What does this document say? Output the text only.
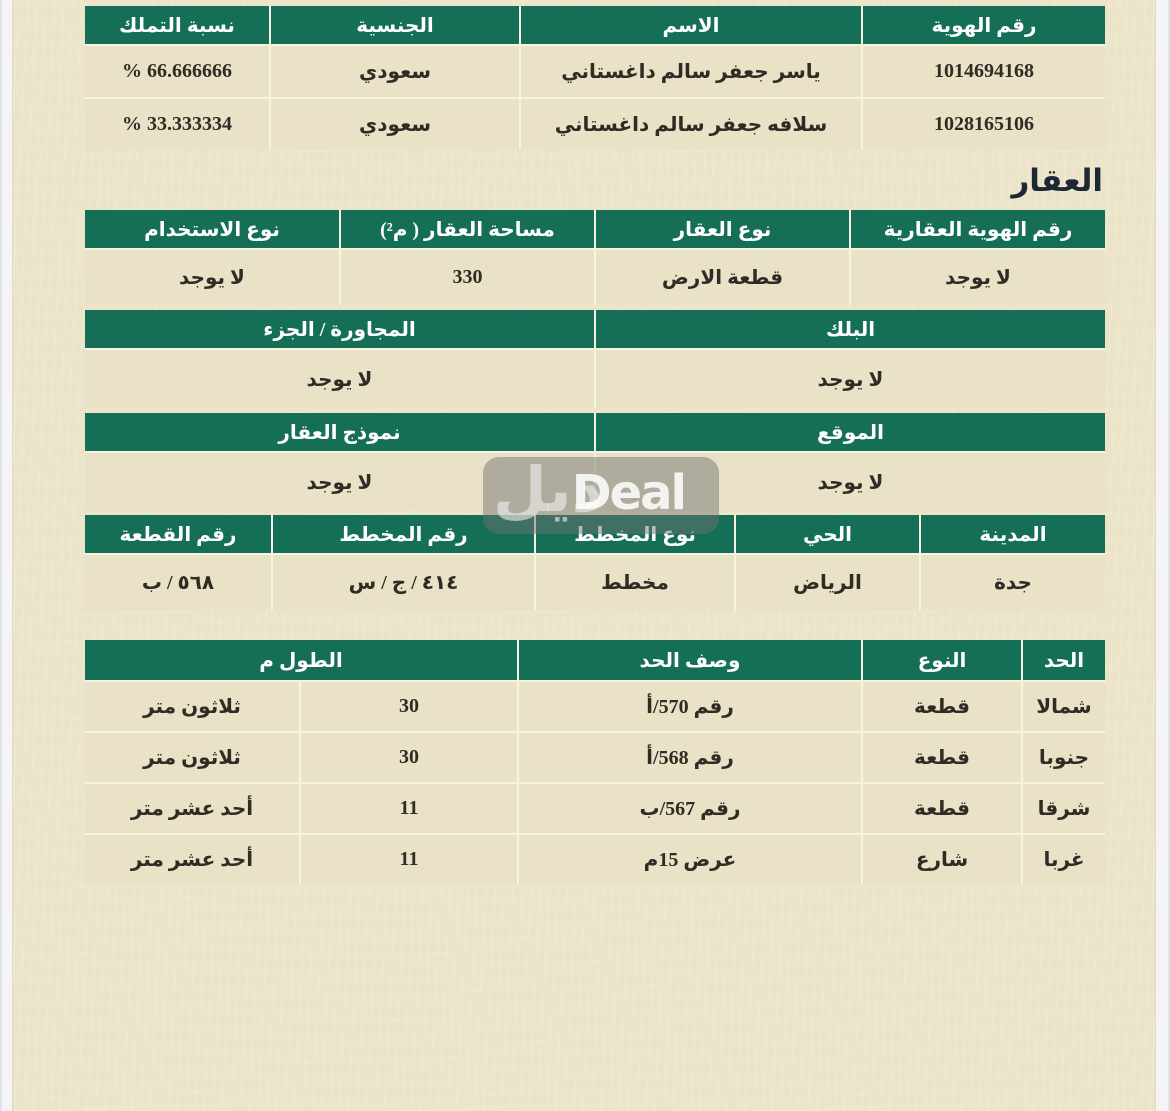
رقم الهوية	الاسم	الجنسية	نسبة التملك
1014694168	ياسر جعفر سالم داغستاني	سعودي	% 66.666666
1028165106	سلافه جعفر سالم داغستاني	سعودي	% 33.333334
العقار
رقم الهوية العقارية	نوع العقار	مساحة العقار ( م²)	نوع الاستخدام
لا يوجد	قطعة الارض	330	لا يوجد
البلك	المجاورة / الجزء
لا يوجد	لا يوجد
الموقع	نموذج العقار
لا يوجد	لا يوجد
المدينة	الحي	نوع المخطط	رقم المخطط	رقم القطعة
جدة	الرياض	مخطط	٤١٤ / ج / س	٥٦٨ / ب
الحد	النوع	وصف الحد	الطول م	
شمالا	قطعة	رقم 570/أ	30	ثلاثون متر
جنوبا	قطعة	رقم 568/أ	30	ثلاثون متر
شرقا	قطعة	رقم 567/ب	11	أحد عشر متر
غربا	شارع	عرض 15م	11	أحد عشر متر
ديل
Deal
